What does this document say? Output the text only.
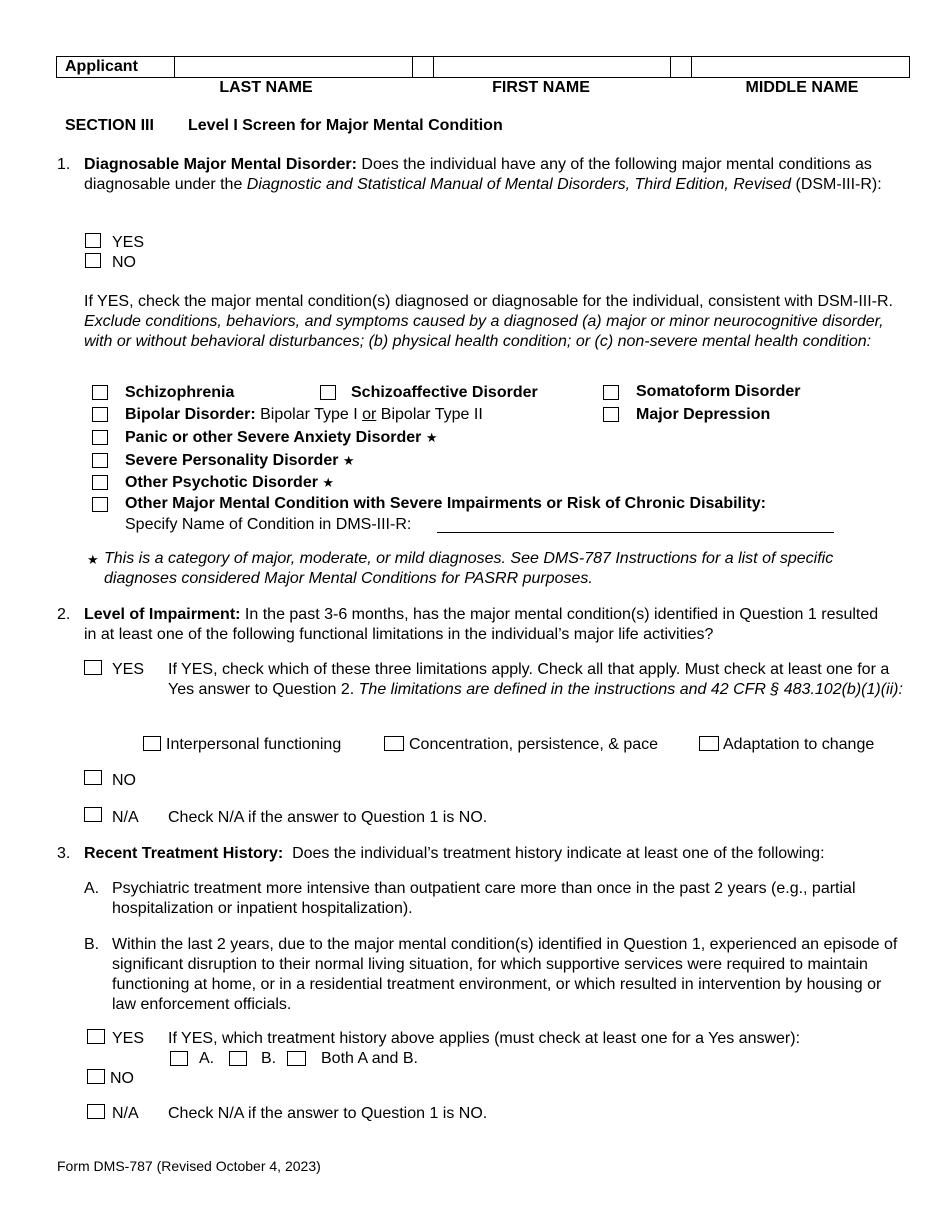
Applicant
LAST NAME	FIRST NAME	MIDDLE NAME
SECTION III Level I Screen for Major Mental Condition
1. Diagnosable Major Mental Disorder: Does the individual have any of the following major mental conditions as diagnosable under the Diagnostic and Statistical Manual of Mental Disorders, Third Edition, Revised (DSM-III-R):

YES
NO

If YES, check the major mental condition(s) diagnosed or diagnosable for the individual, consistent with DSM-III-R. Exclude conditions, behaviors, and symptoms caused by a diagnosed (a) major or minor neurocognitive disorder, with or without behavioral disturbances; (b) physical health condition; or (c) non-severe mental health condition:

Schizophrenia	Schizoaffective Disorder	Somatoform Disorder
Bipolar Disorder: Bipolar Type I or Bipolar Type II	Major Depression
Panic or other Severe Anxiety Disorder ★
Severe Personality Disorder ★
Other Psychotic Disorder ★
Other Major Mental Condition with Severe Impairments or Risk of Chronic Disability:
Specify Name of Condition in DMS-III-R:
★ This is a category of major, moderate, or mild diagnoses. See DMS-787 Instructions for a list of specific diagnoses considered Major Mental Conditions for PASRR purposes.

2. Level of Impairment: In the past 3-6 months, has the major mental condition(s) identified in Question 1 resulted in at least one of the following functional limitations in the individual’s major life activities?

YES If YES, check which of these three limitations apply. Check all that apply. Must check at least one for a Yes answer to Question 2. The limitations are defined in the instructions and 42 CFR § 483.102(b)(1)(ii):

Interpersonal functioning	Concentration, persistence, & pace	Adaptation to change
NO
N/A Check N/A if the answer to Question 1 is NO.
3. Recent Treatment History:  Does the individual’s treatment history indicate at least one of the following:

A. Psychiatric treatment more intensive than outpatient care more than once in the past 2 years (e.g., partial hospitalization or inpatient hospitalization).

B. Within the last 2 years, due to the major mental condition(s) identified in Question 1, experienced an episode of significant disruption to their normal living situation, for which supportive services were required to maintain functioning at home, or in a residential treatment environment, or which resulted in intervention by housing or law enforcement officials.

YES If YES, which treatment history above applies (must check at least one for a Yes answer):
A.	B.	Both A and B.
NO
N/A Check N/A if the answer to Question 1 is NO.
Form DMS-787 (Revised October 4, 2023)
